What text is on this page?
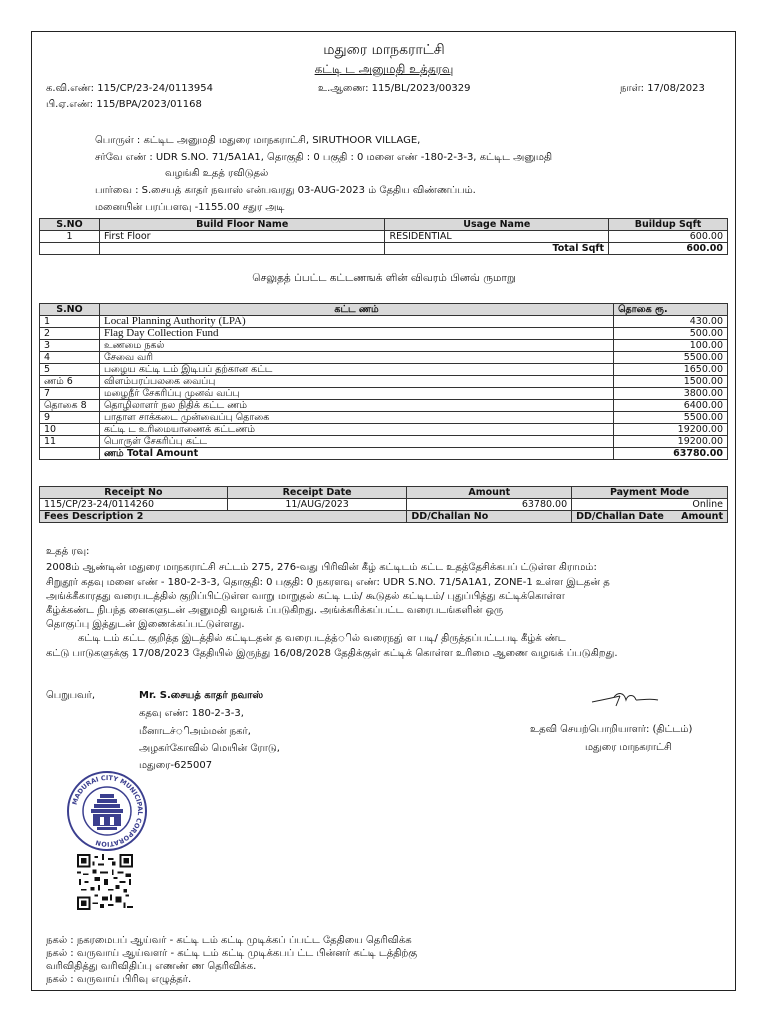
மதுரை மாநகராட்சி
கட்டி ட அனுமதி உத்தரவு
க.வி.எண்: 115/CP/23-24/0113954	உ.ஆணை: 115/BL/2023/00329	நாள்: 17/08/2023
பி.ஏ.எண்: 115/BPA/2023/01168
பொருள் : கட்டிட அனுமதி மதுரை மாநகராட்சி, SIRUTHOOR VILLAGE,
சர்வே எண் : UDR S.NO. 71/5A1A1, தொகுதி : 0 பகுதி : 0 மனை எண் -180-2-3-3, கட்டிட அனுமதி
வழங்கி உதத் ரவிடுதல்
பார்வை : S.சையத் காதர் நவாஸ் என்பவரது 03-AUG-2023 ம் தேதிய விண்ணப்பம்.
மனையின் பரப்பளவு -1155.00 சதுர அடி
S.NO	Build Floor Name	Usage Name	Buildup Sqft
1	First Floor	RESIDENTIAL	600.00
		Total Sqft	600.00
செலுதத் ப்பட்ட கட்டணஙக் ளின் விவரம் பினவ் ருமாறு
S.NO	கட்ட ணம்	தொகை ரூ.
1	Local Planning Authority (LPA)	430.00
2	Flag Day Collection Fund	500.00
3	உணமை நகல்	100.00
4	சேவை வரி	5500.00
5	பழைய கட்டி டம் இடிபப் தற்கான கட்ட	1650.00
ணம் 6	விளம்பரப்பலகை வைப்பு	1500.00
7	மழைநீர் சேகரிப்பு முனவ் வப்பு	3800.00
தொகை 8	தொழிலாளர் நல நிதிக் கட்ட ணம்	6400.00
9	பாதாள சாக்கடை முன்வைப்பு தொகை	5500.00
10	கட்டி ட உரிமையாணைக் கட்டணம்	19200.00
11	பொருள் சேகரிப்பு கட்ட	19200.00
	ணம் Total Amount	63780.00
Receipt No	Receipt Date	Amount	Payment Mode
115/CP/23-24/0114260	11/AUG/2023	63780.00	Online
Fees Description 2		DD/Challan No	DD/Challan Date Amount
உதத் ரவு:
2008ம் ஆண்டின் மதுரை மாநகராட்சி சட்டம் 275, 276-வது பிரிவின் கீழ் கட்டிடம் கட்ட உதத்தேசிக்கபப் ட்டுள்ள கிராமம்:
சிறுதூர் கதவு மனை எண் - 180-2-3-3, தொகுதி: 0 பகுதி: 0 நகரளவு எண்: UDR S.NO. 71/5A1A1, ZONE-1 உள்ள இடதன் த
அங்க்கீகாரதது வரைபடத்தில் குறிப்பிட்டுள்ள வாறு மாறுதல் கட்டி டம்/ கூடுதல் கட்டிடம்/ புதுப்பித்து கட்டிக்கொள்ள
கீழ்க்கண்ட நிபந்த னைகளுடன் அனுமதி வழஙக் ப்படுகிறது. அங்க்கரிக்கப்பட்ட வரைபடங்களின் ஒரு
தொகுப்பு இத்துடன் இணைக்கப்பட்டுள்ளது.
கட்டி டம் கட்ட குறித்த இடத்தில் கட்டிடதன் த வரைபடத்த்ில் வரைநது் ள படி/ திருத்தப்பட்டபடி கீழ்க் ண்ட
கட்டு பாடுகளுக்கு 17/08/2023 தேதியில் இருந்து 16/08/2028 தேதிக்குள் கட்டிக் கொள்ள உரிமை ஆணை வழஙக் ப்படுகிறது.
பெறுபவர்,	Mr. S.சையத் காதர் நவாஸ்
கதவு எண்: 180-2-3-3,
மீனாடச்ிஅம்மன் நகர்,
அழகர்கோவில் மெயின் ரோடு,
மதுரை-625007
உதவி செயற்பொறியாளர்: (திட்டம்)
மதுரை மாநகராட்சி
MADURAI CITY MUNICIPAL CORPORATION
நகல் : நகரமைபப் ஆய்வர் - கட்டி டம் கட்டி முடிக்கப் ப்பட்ட தேதியை தெரிவிக்க
நகல் : வருவாய் ஆய்வளர் - கட்டி டம் கட்டி முடிக்கபப் ட்ட பின்னர் கட்டி டத்திற்கு
வரிவிதித்து வரிவிதிப்பு எணண் ண தெரிவிக்க.
நகல் : வருவாய் பிரிவு எழுத்தர்.
